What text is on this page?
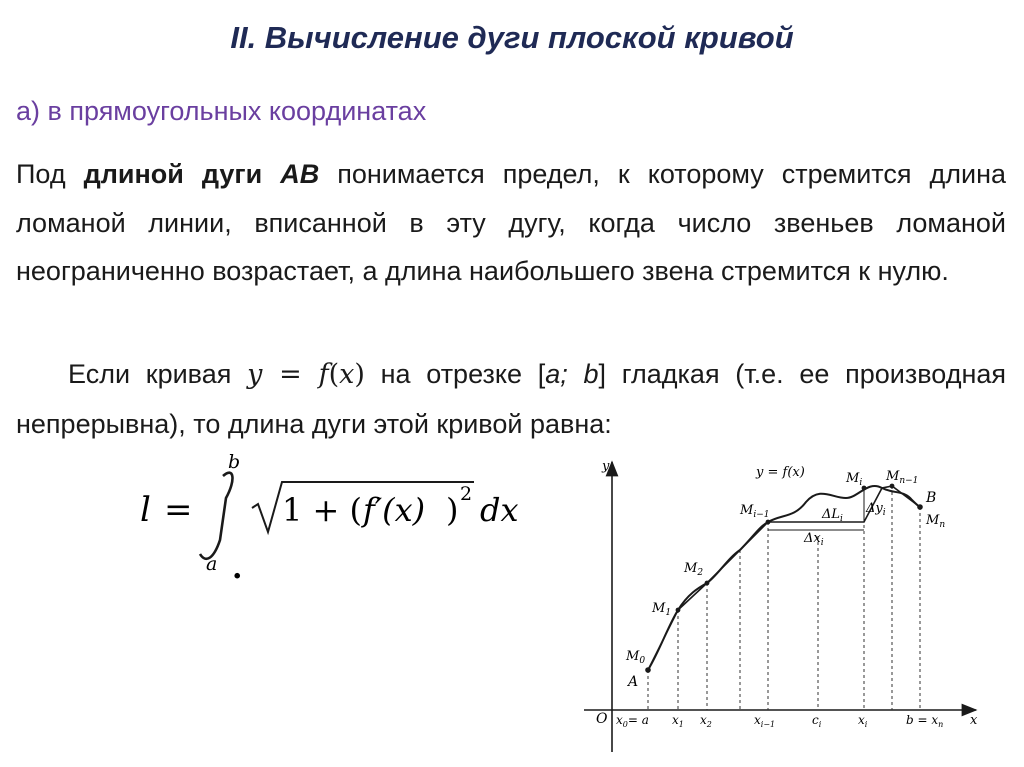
II. Вычисление дуги плоской кривой

а) в прямоугольных координатах

Под длиной дуги AB понимается предел, к которому стремится длина ломаной линии, вписанной в эту дугу, когда число звеньев ломаной неограниченно возрастает, а длина наибольшего звена стремится к нулю.

Если кривая y = f(x) на отрезке [a; b] гладкая (т.е. ее производная непрерывна), то длина дуги этой кривой равна:

l =
b
a
1 + ( f′(x) ) 2 dx
.
y
x
O
y = f(x)
A
$M_0$
$M_1$
$M_2$
$M_{i-1}$
$M_i$ $M_{n-1}$
B
$M_n$
$\Delta L_i$
$\Delta x_i$
$\Delta y_i$
$x_0= a$ $x_1$ $x_2$	$x_{i-1}$	$c_i$	$x_i$	$b = x_n$
